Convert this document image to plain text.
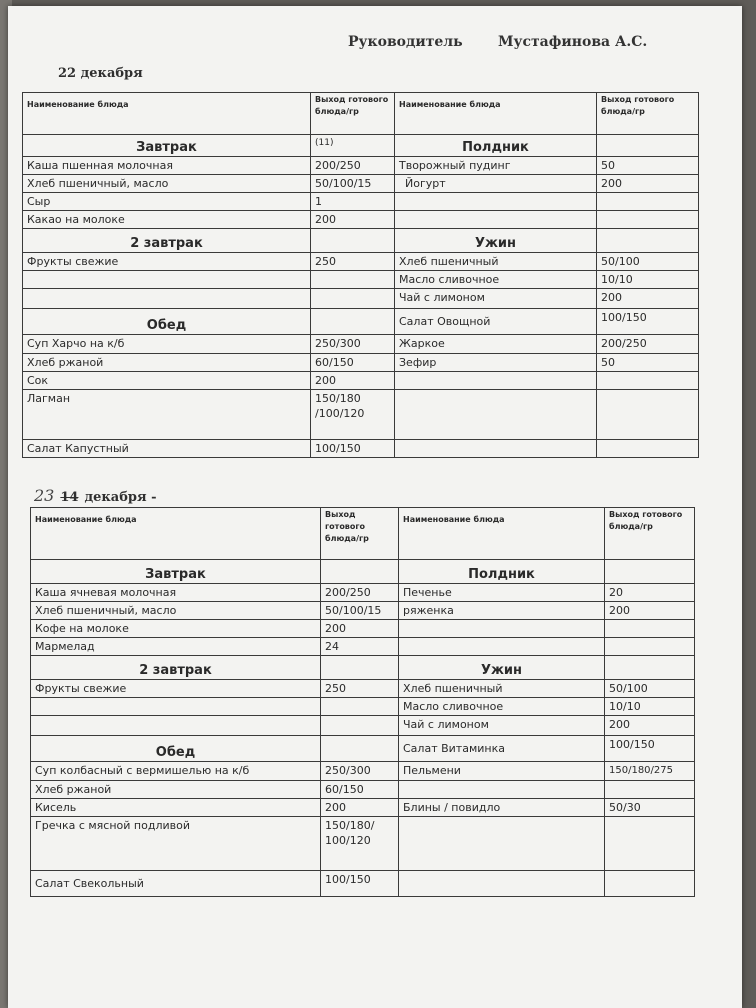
Руководитель	Мустафинова А.С.
22 декабря
Наименование блюда	Выход готового блюда/гр	Наименование блюда	Выход готового блюда/гр
Завтрак	(11)	Полдник	
Каша пшенная молочная	200/250	Творожный пудинг	50
Хлеб пшеничный, масло	50/100/15	Йогурт	200
Сыр	1		
Какао на молоке	200		
2 завтрак		Ужин	
Фрукты свежие	250	Хлеб пшеничный	50/100
		Масло сливочное	10/10
		Чай с лимоном	200
Обед		Салат Овощной	100/150
Суп Харчо на к/б	250/300	Жаркое	200/250
Хлеб ржаной	60/150	Зефир	50
Сок	200		
Лагман	150/180 /100/120		
Салат Капустный	100/150		
23 14 декабря -
Наименование блюда	Выход готового блюда/гр	Наименование блюда	Выход готового блюда/гр
Завтрак		Полдник	
Каша ячневая молочная	200/250	Печенье	20
Хлеб пшеничный, масло	50/100/15	ряженка	200
Кофе на молоке	200		
Мармелад	24		
2 завтрак		Ужин	
Фрукты свежие	250	Хлеб пшеничный	50/100
		Масло сливочное	10/10
		Чай с лимоном	200
Обед		Салат Витаминка	100/150
Суп колбасный с вермишелью на к/б	250/300	Пельмени	150/180/275
Хлеб ржаной	60/150		
Кисель	200	Блины / повидло	50/30
Гречка с мясной подливой	150/180/ 100/120		
Салат Свекольный	100/150		
